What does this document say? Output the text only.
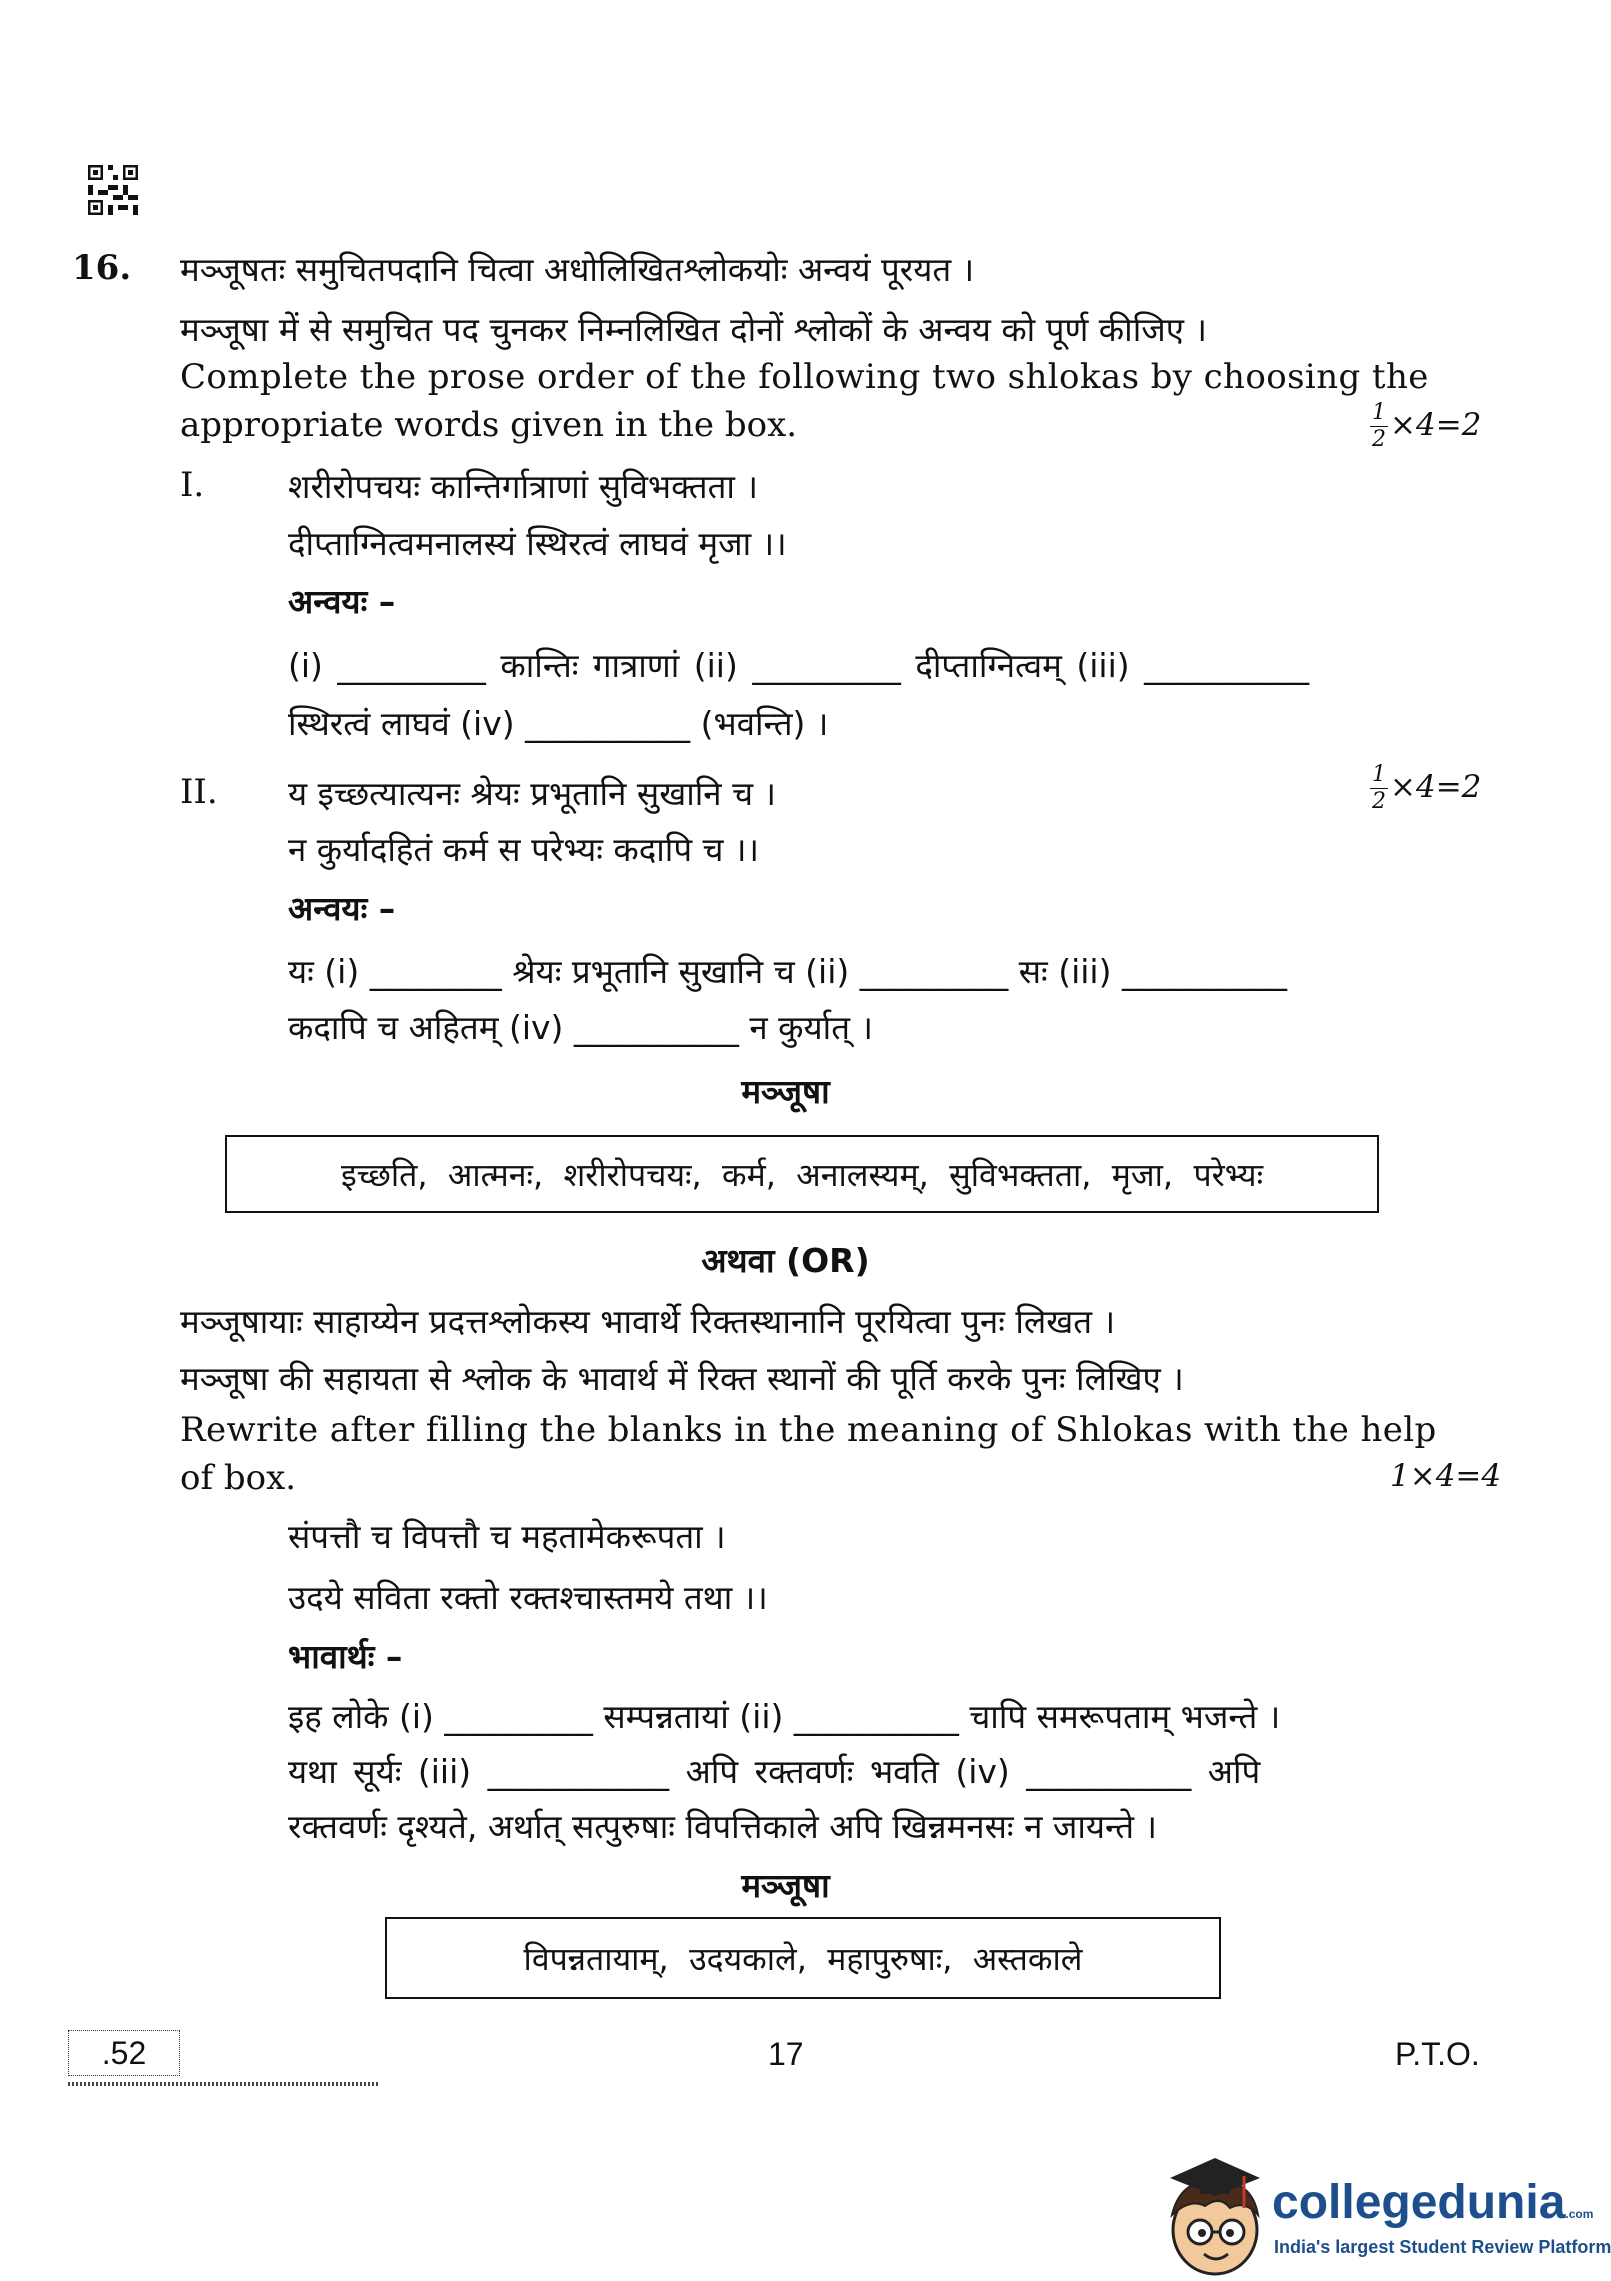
16. मञ्जूषतः समुचितपदानि चित्वा अधोलिखितश्लोकयोः अन्वयं पूरयत ।
मञ्जूषा में से समुचित पद चुनकर निम्नलिखित दोनों श्लोकों के अन्वय को पूर्ण कीजिए ।
Complete the prose order of the following two shlokas by choosing the
appropriate words given in the box.	$\frac{1}{2} \times 4=2$
I.	शरीरोपचयः कान्तिर्गात्राणां सुविभक्तता ।
दीप्ताग्नित्वमनालस्यं स्थिरत्वं लाघवं मृजा ।।
अन्वयः –
(i) _________ कान्तिः गात्राणां (ii) _________ दीप्ताग्नित्वम् (iii) __________
स्थिरत्वं लाघवं (iv) __________ (भवन्ति) ।
II. य इच्छत्यात्यनः श्रेयः प्रभूतानि सुखानि च ।	$\frac{1}{2} \times 4=2$
न कुर्यादहितं कर्म स परेभ्यः कदापि च ।।
अन्वयः –
यः (i) ________ श्रेयः प्रभूतानि सुखानि च (ii) _________ सः (iii) __________
कदापि च अहितम् (iv) __________ न कुर्यात् ।
मञ्जूषा
इच्छति,  आत्मनः,  शरीरोपचयः,  कर्म,  अनालस्यम्,  सुविभक्तता,  मृजा,  परेभ्यः
अथवा (OR)
मञ्जूषायाः साहाय्येन प्रदत्तश्लोकस्य भावार्थे रिक्तस्थानानि पूरयित्वा पुनः लिखत ।
मञ्जूषा की सहायता से श्लोक के भावार्थ में रिक्त स्थानों की पूर्ति करके पुनः लिखिए ।
Rewrite after filling the blanks in the meaning of Shlokas with the help
of box.	1×4=4
संपत्तौ च विपत्तौ च महतामेकरूपता ।
उदये सविता रक्तो रक्तश्चास्तमये तथा ।।
भावार्थः –
इह लोके (i) _________ सम्पन्नतायां (ii) __________ चापि समरूपताम् भजन्ते ।
यथा सूर्यः (iii) ___________ अपि रक्तवर्णः भवति (iv) __________ अपि
रक्तवर्णः दृश्यते, अर्थात् सत्पुरुषाः विपत्तिकाले अपि खिन्नमनसः न जायन्ते ।
मञ्जूषा
विपन्नतायाम्,  उदयकाले,  महापुरुषाः,  अस्तकाले
.52	17	P.T.O.
collegedunia.com
India's largest Student Review Platform
